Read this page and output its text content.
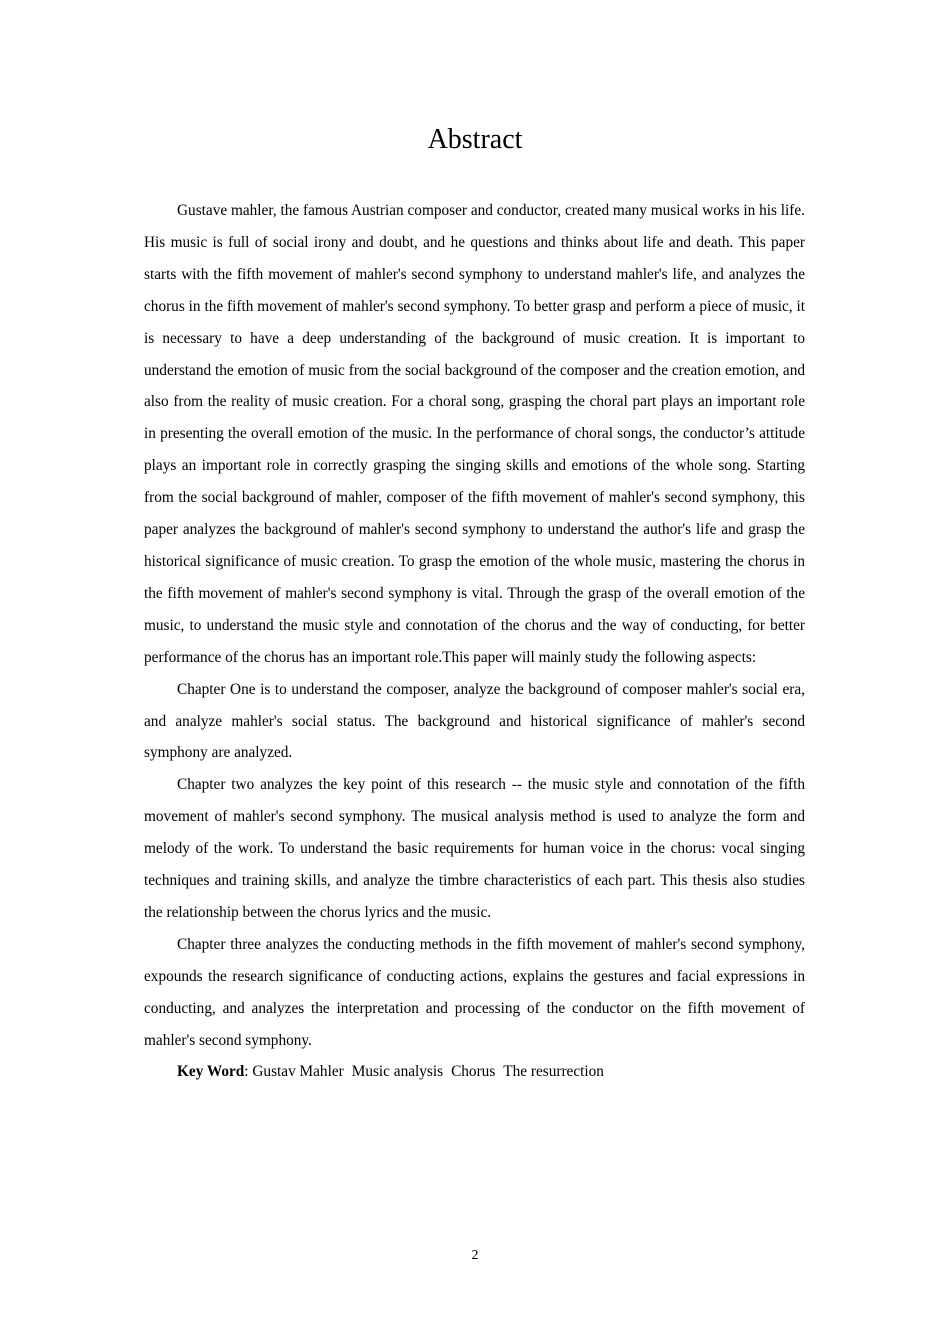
Abstract

Gustave mahler, the famous Austrian composer and conductor, created many musical works in his life. His music is full of social irony and doubt, and he questions and thinks about life and death. This paper starts with the fifth movement of mahler's second symphony to understand mahler's life, and analyzes the chorus in the fifth movement of mahler's second symphony. To better grasp and perform a piece of music, it is necessary to have a deep understanding of the background of music creation. It is important to understand the emotion of music from the social background of the composer and the creation emotion, and also from the reality of music creation. For a choral song, grasping the choral part plays an important role in presenting the overall emotion of the music. In the performance of choral songs, the conductor’s attitude plays an important role in correctly grasping the singing skills and emotions of the whole song. Starting from the social background of mahler, composer of the fifth movement of mahler's second symphony, this paper analyzes the background of mahler's second symphony to understand the author's life and grasp the historical significance of music creation. To grasp the emotion of the whole music, mastering the chorus in the fifth movement of mahler's second symphony is vital. Through the grasp of the overall emotion of the music, to understand the music style and connotation of the chorus and the way of conducting, for better performance of the chorus has an important role.This paper will mainly study the following aspects:

Chapter One is to understand the composer, analyze the background of composer mahler's social era, and analyze mahler's social status. The background and historical significance of mahler's second symphony are analyzed.

Chapter two analyzes the key point of this research -- the music style and connotation of the fifth movement of mahler's second symphony. The musical analysis method is used to analyze the form and melody of the work. To understand the basic requirements for human voice in the chorus: vocal singing techniques and training skills, and analyze the timbre characteristics of each part. This thesis also studies the relationship between the chorus lyrics and the music.

Chapter three analyzes the conducting methods in the fifth movement of mahler's second symphony, expounds the research significance of conducting actions, explains the gestures and facial expressions in conducting, and analyzes the interpretation and processing of the conductor on the fifth movement of mahler's second symphony.

Key Word: Gustav Mahler Music analysis Chorus The resurrection

2
